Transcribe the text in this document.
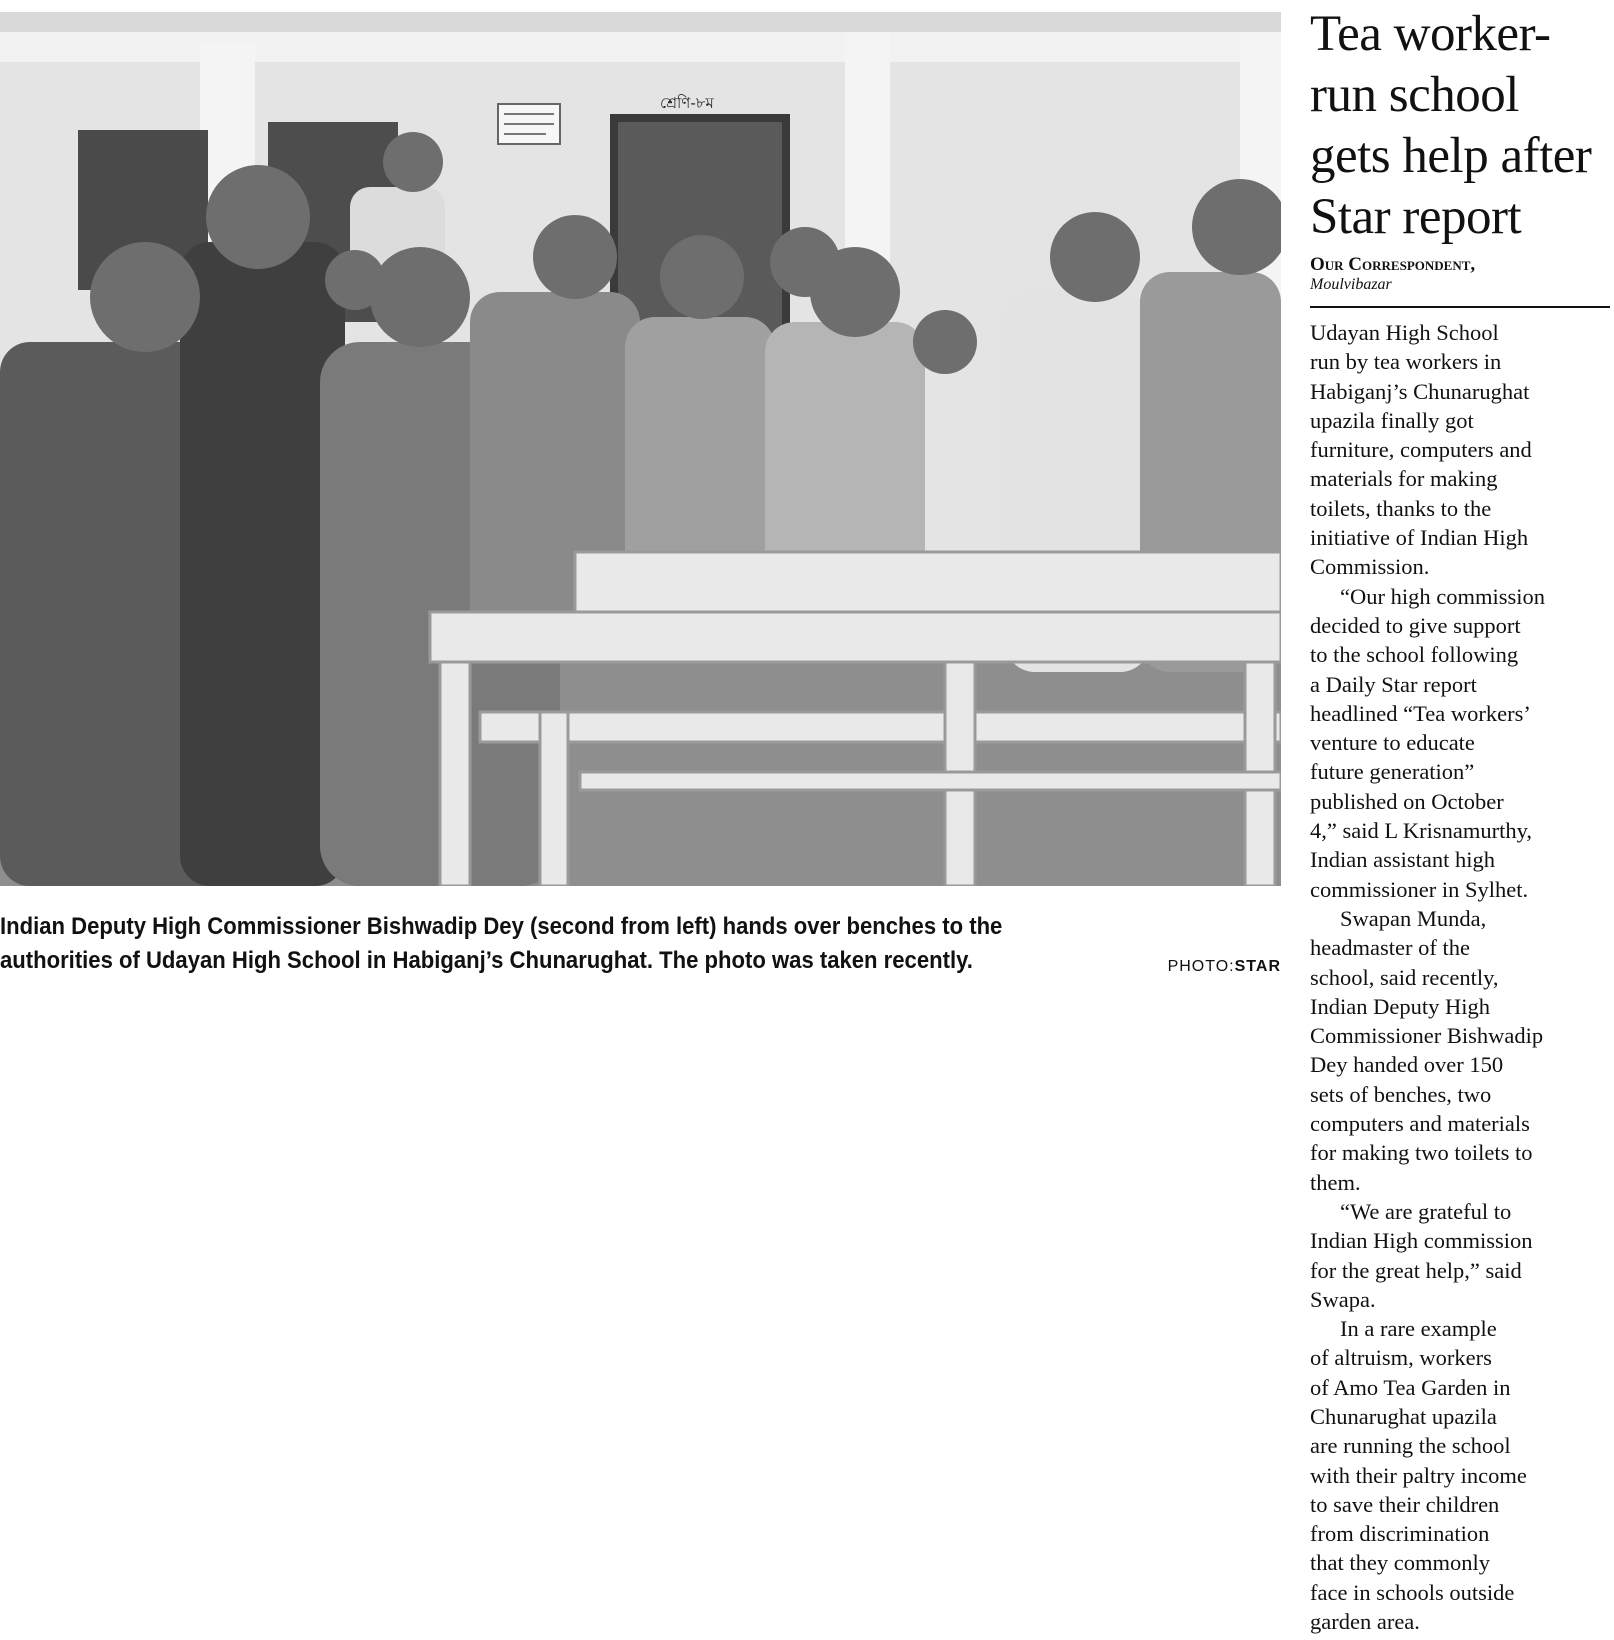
শ্রেণি-৮ম
Indian Deputy High Commissioner Bishwadip Dey (second from left) hands over benches to the authorities of Udayan High School in Habiganj’s Chunarughat. The photo was taken recently.	PHOTO:STAR
Tea worker-
run school
gets help after
Star report
Our Correspondent,
Moulvibazar

Udayan High School
run by tea workers in
Habiganj’s Chunarughat
upazila finally got
furniture, computers and
materials for making
toilets, thanks to the
initiative of Indian High
Commission.

“Our high commission
decided to give support
to the school following
a Daily Star report
headlined “Tea workers’
venture to educate
future generation”
published on October
4,” said L Krisnamurthy,
Indian assistant high
commissioner in Sylhet.

Swapan Munda,
headmaster of the
school, said recently,
Indian Deputy High
Commissioner Bishwadip
Dey handed over 150
sets of benches, two
computers and materials
for making two toilets to
them.

“We are grateful to
Indian High commission
for the great help,” said
Swapa.

In a rare example
of altruism, workers
of Amo Tea Garden in
Chunarughat upazila
are running the school
with their paltry income
to save their children
from discrimination
that they commonly
face in schools outside
garden area.
